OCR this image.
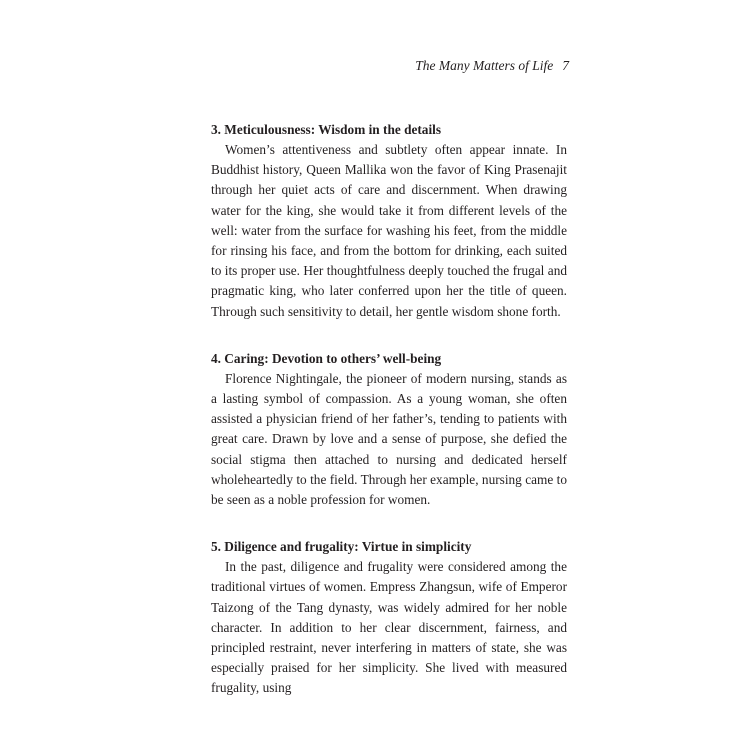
The Many Matters of Life 7

3. Meticulousness: Wisdom in the details

Women’s attentiveness and subtlety often appear innate. In Buddhist history, Queen Mallika won the favor of King Prasenajit through her quiet acts of care and discernment. When drawing water for the king, she would take it from different levels of the well: water from the surface for washing his feet, from the middle for rinsing his face, and from the bottom for drinking, each suited to its proper use. Her thoughtfulness deeply touched the frugal and pragmatic king, who later conferred upon her the title of queen. Through such sensitivity to detail, her gentle wisdom shone forth.

4. Caring: Devotion to others’ well-being

Florence Nightingale, the pioneer of modern nursing, stands as a lasting symbol of compassion. As a young woman, she often assisted a physician friend of her father’s, tending to patients with great care. Drawn by love and a sense of purpose, she defied the social stigma then attached to nursing and dedicated herself wholeheartedly to the field. Through her example, nursing came to be seen as a noble profession for women.

5. Diligence and frugality: Virtue in simplicity

In the past, diligence and frugality were considered among the traditional virtues of women. Empress Zhangsun, wife of Emperor Taizong of the Tang dynasty, was widely admired for her noble character. In addition to her clear discernment, fairness, and principled restraint, never interfering in matters of state, she was especially praised for her simplicity. She lived with measured frugality, using
